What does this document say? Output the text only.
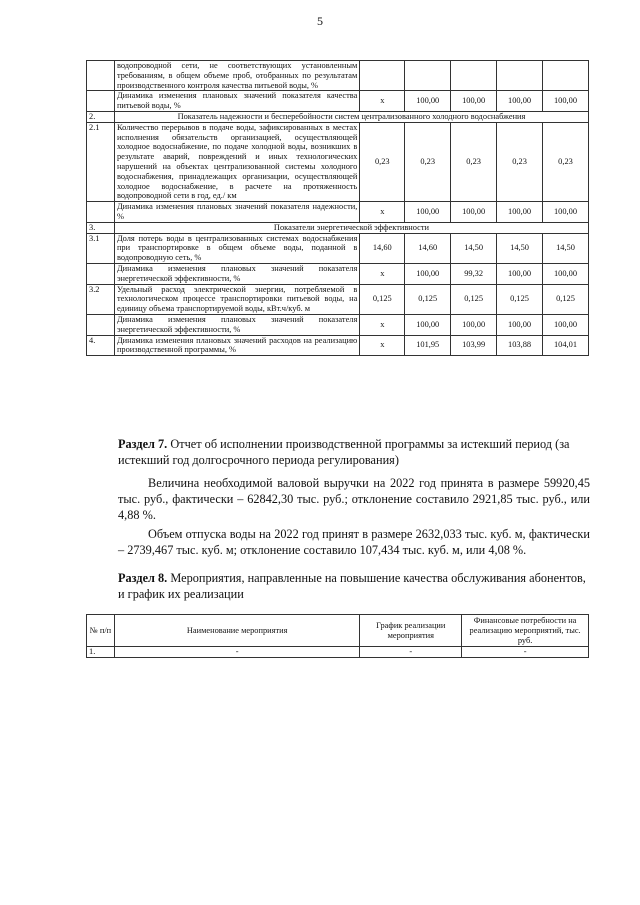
5
	водопроводной сети, не соответствующих установленным требованиям, в общем объеме проб, отобранных по результатам производственного контроля качества питьевой воды, %					
	Динамика изменения плановых значений показателя качества питьевой воды, %	x	100,00	100,00	100,00	100,00
2.	Показатель надежности и бесперебойности систем централизованного холодного водоснабжения					
2.1	Количество перерывов в подаче воды, зафиксированных в местах исполнения обязательств организацией, осуществляющей холодное водоснабжение, по подаче холодной воды, возникших в результате аварий, повреждений и иных технологических нарушений на объектах централизованной системы холодного водоснабжения, принадлежащих организации, осуществляющей холодное водоснабжение, в расчете на протяженность водопроводной сети в год, ед./ км	0,23	0,23	0,23	0,23	0,23
	Динамика изменения плановых значений показателя надежности, %	x	100,00	100,00	100,00	100,00
3.	Показатели энергетической эффективности					
3.1	Доля потерь воды в централизованных системах водоснабжения при транспортировке в общем объеме воды, поданной в водопроводную сеть, %	14,60	14,60	14,50	14,50	14,50
	Динамика изменения плановых значений показателя энергетической эффективности, %	x	100,00	99,32	100,00	100,00
3.2	Удельный расход электрической энергии, потребляемой в технологическом процессе транспортировки питьевой воды, на единицу объема транспортируемой воды, кВт.ч/куб. м	0,125	0,125	0,125	0,125	0,125
	Динамика изменения плановых значений показателя энергетической эффективности, %	x	100,00	100,00	100,00	100,00
4.	Динамика изменения плановых значений расходов на реализацию производственной программы, %	x	101,95	103,99	103,88	104,01
Раздел 7. Отчет об исполнении производственной программы за истекший период (за истекший год долгосрочного периода регулирования)
Величина необходимой валовой выручки на 2022 год принята в размере 59920,45 тыс. руб., фактически – 62842,30 тыс. руб.; отклонение составило 2921,85 тыс. руб., или 4,88 %.
Объем отпуска воды на 2022 год принят в размере 2632,033 тыс. куб. м, фактически – 2739,467 тыс. куб. м; отклонение составило 107,434 тыс. куб. м, или 4,08 %.
Раздел 8. Мероприятия, направленные на повышение качества обслуживания абонентов, и график их реализации
№ п/п	Наименование мероприятия	График реализации мероприятия	Финансовые потребности на реализацию мероприятий, тыс. руб.
1.	-	-	-
